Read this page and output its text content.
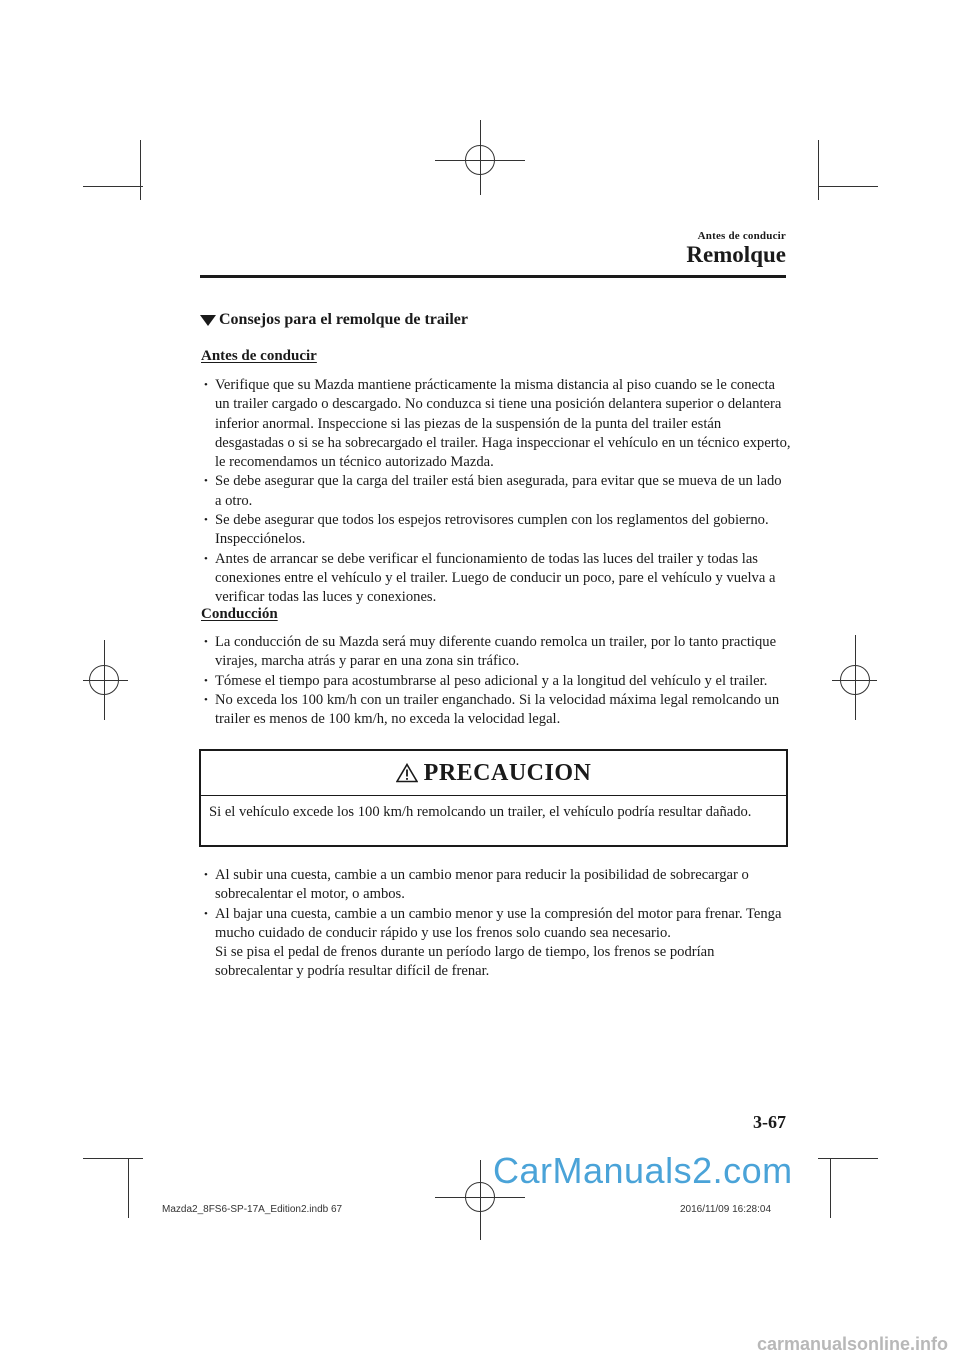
Antes de conducir
Remolque
Consejos para el remolque de trailer
Antes de conducir
• Verifique que su Mazda mantiene prácticamente la misma distancia al piso cuando se le conecta un trailer cargado o descargado. No conduzca si tiene una posición delantera superior o delantera inferior anormal. Inspeccione si las piezas de la suspensión de la punta del trailer están desgastadas o si se ha sobrecargado el trailer. Haga inspeccionar el vehículo en un técnico experto, le recomendamos un técnico autorizado Mazda.
• Se debe asegurar que la carga del trailer está bien asegurada, para evitar que se mueva de un lado a otro.
• Se debe asegurar que todos los espejos retrovisores cumplen con los reglamentos del gobierno. Inspecciónelos.
• Antes de arrancar se debe verificar el funcionamiento de todas las luces del trailer y todas las conexiones entre el vehículo y el trailer. Luego de conducir un poco, pare el vehículo y vuelva a verificar todas las luces y conexiones.
Conducción
• La conducción de su Mazda será muy diferente cuando remolca un trailer, por lo tanto practique virajes, marcha atrás y parar en una zona sin tráfico.
• Tómese el tiempo para acostumbrarse al peso adicional y a la longitud del vehículo y el trailer.
• No exceda los 100 km/h con un trailer enganchado. Si la velocidad máxima legal remolcando un trailer es menos de 100 km/h, no exceda la velocidad legal.
PRECAUCION
Si el vehículo excede los 100 km/h remolcando un trailer, el vehículo podría resultar dañado.
• Al subir una cuesta, cambie a un cambio menor para reducir la posibilidad de sobrecargar o sobrecalentar el motor, o ambos.
• Al bajar una cuesta, cambie a un cambio menor y use la compresión del motor para frenar. Tenga mucho cuidado de conducir rápido y use los frenos solo cuando sea necesario.
Si se pisa el pedal de frenos durante un período largo de tiempo, los frenos se podrían sobrecalentar y podría resultar difícil de frenar.
3-67
CarManuals2.com
Mazda2_8FS6-SP-17A_Edition2.indb 67	2016/11/09 16:28:04
carmanualsonline.info
